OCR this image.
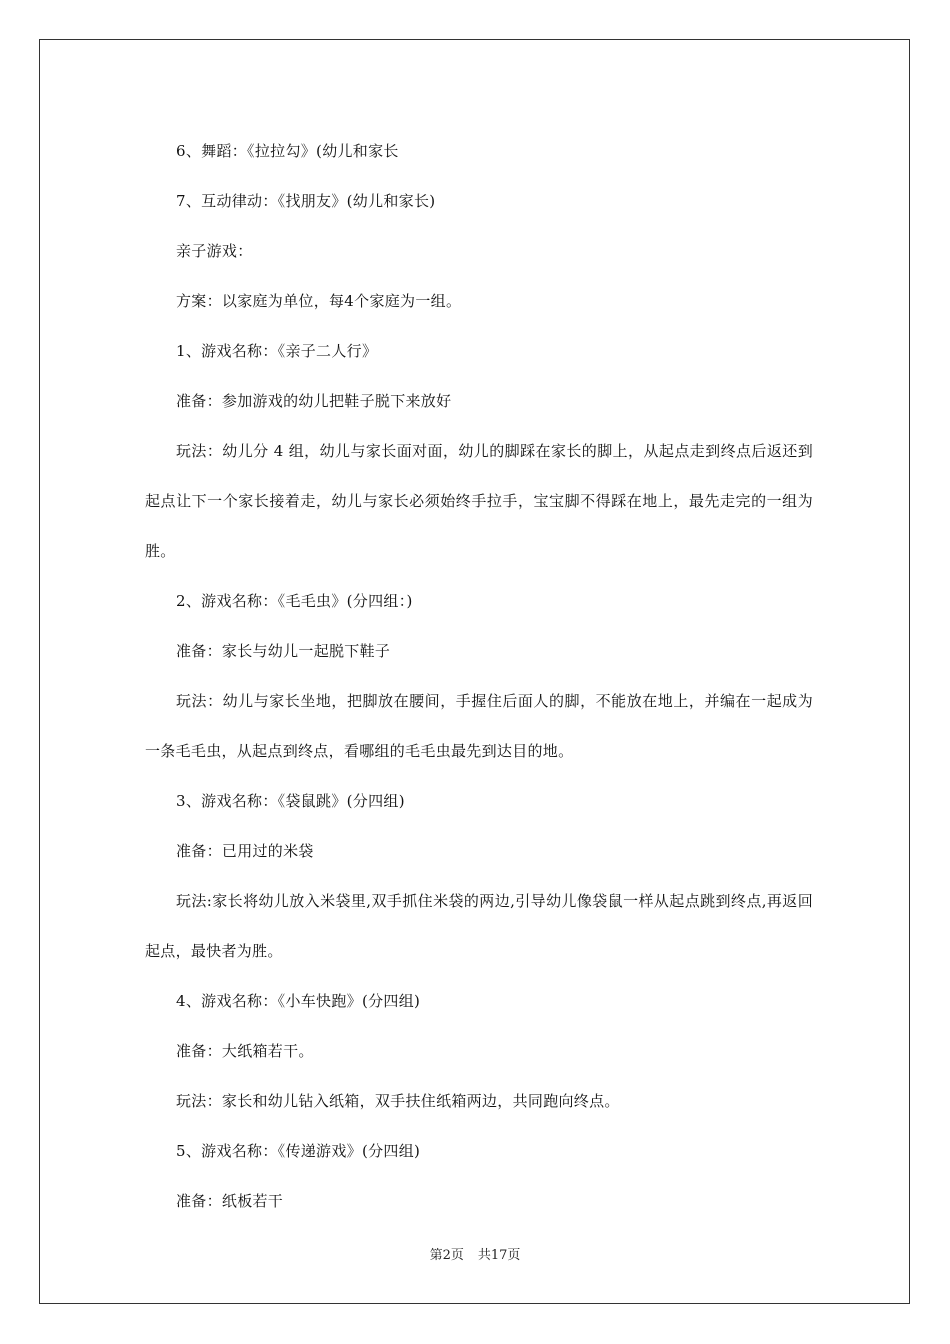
6、舞蹈：《拉拉勾》(幼儿和家长

7、互动律动：《找朋友》(幼儿和家长)

亲子游戏：

方案：以家庭为单位，每4个家庭为一组。

1、游戏名称：《亲子二人行》

准备：参加游戏的幼儿把鞋子脱下来放好

玩法：幼儿分 4 组，幼儿与家长面对面，幼儿的脚踩在家长的脚上，从起点走到终点后返还到起点让下一个家长接着走，幼儿与家长必须始终手拉手，宝宝脚不得踩在地上，最先走完的一组为胜。

2、游戏名称：《毛毛虫》(分四组：)

准备：家长与幼儿一起脱下鞋子

玩法：幼儿与家长坐地，把脚放在腰间，手握住后面人的脚，不能放在地上，并编在一起成为一条毛毛虫，从起点到终点，看哪组的毛毛虫最先到达目的地。

3、游戏名称：《袋鼠跳》(分四组)

准备：已用过的米袋

玩法:家长将幼儿放入米袋里,双手抓住米袋的两边,引导幼儿像袋鼠一样从起点跳到终点,再返回起点，最快者为胜。

4、游戏名称：《小车快跑》(分四组)

准备：大纸箱若干。

玩法：家长和幼儿钻入纸箱，双手扶住纸箱两边，共同跑向终点。

5、游戏名称：《传递游戏》(分四组)

准备：纸板若干

第2页 共17页
